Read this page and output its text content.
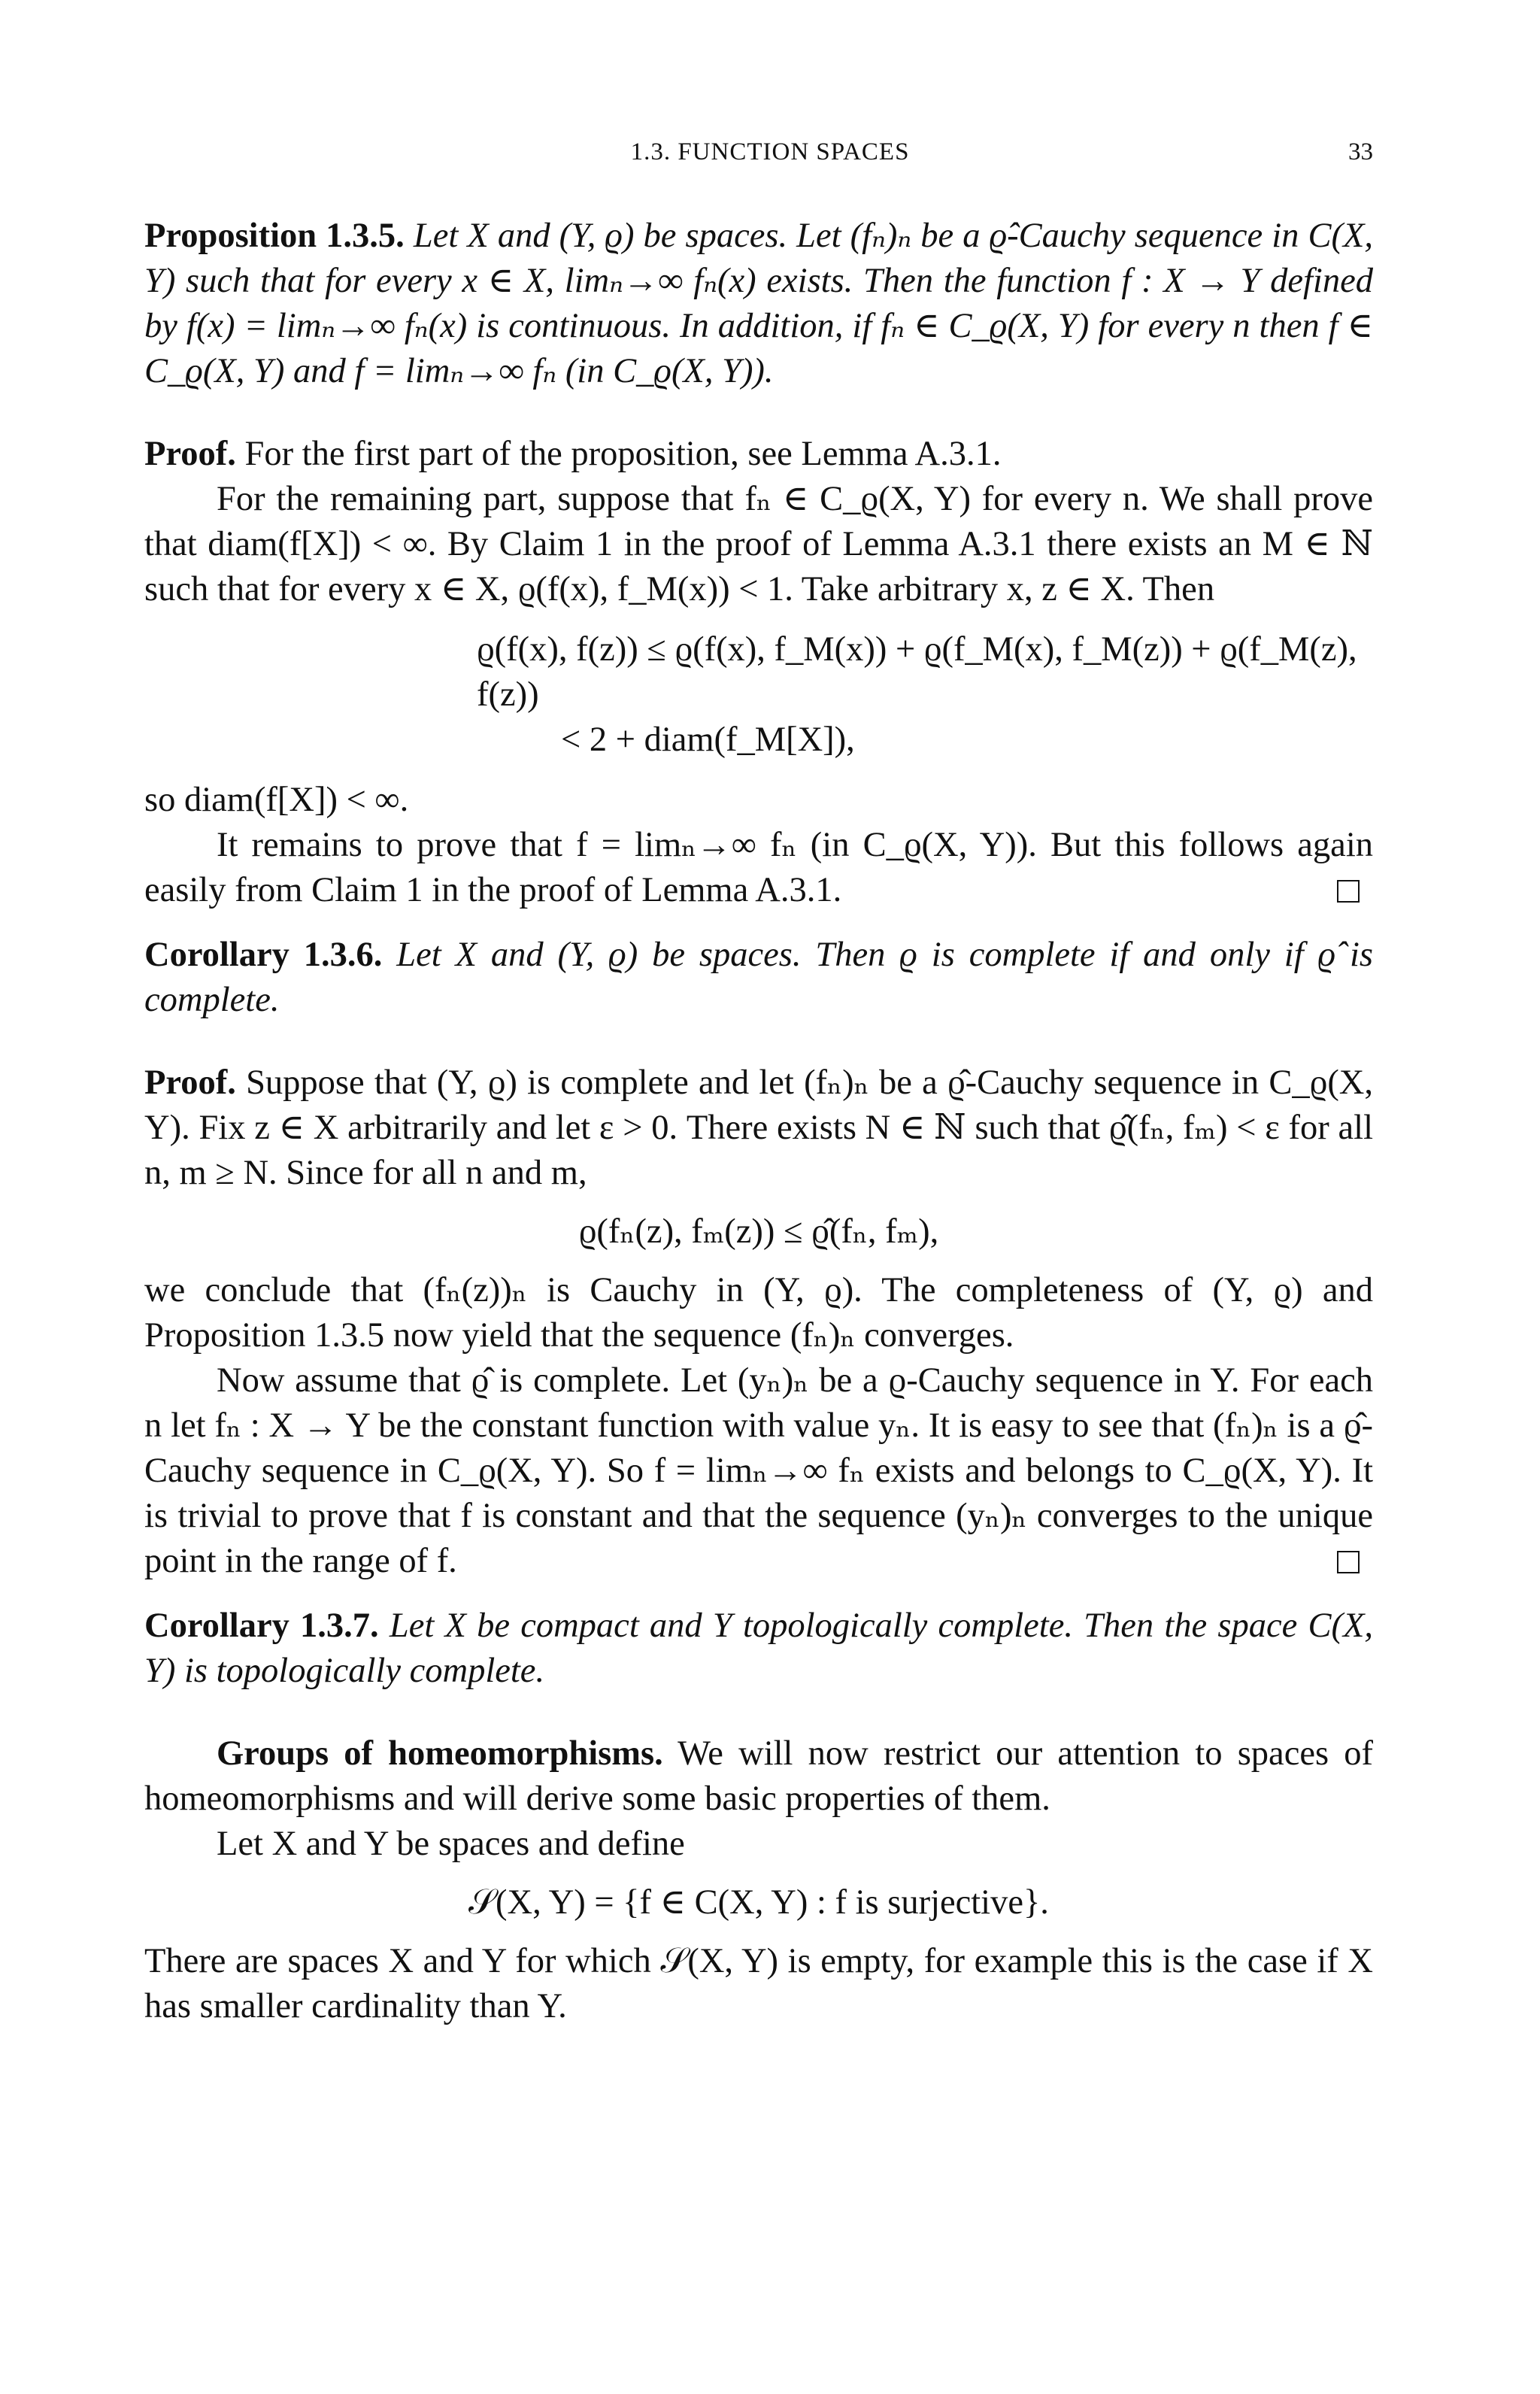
1.3. FUNCTION SPACES	33

Proposition 1.3.5. Let X and (Y, ϱ) be spaces. Let (fₙ)ₙ be a ϱ̂-Cauchy sequence in C(X, Y) such that for every x ∈ X, limₙ→∞ fₙ(x) exists. Then the function f : X → Y defined by f(x) = limₙ→∞ fₙ(x) is continuous. In addition, if fₙ ∈ C_ϱ(X, Y) for every n then f ∈ C_ϱ(X, Y) and f = limₙ→∞ fₙ (in C_ϱ(X, Y)).

Proof. For the first part of the proposition, see Lemma A.3.1.

For the remaining part, suppose that fₙ ∈ C_ϱ(X, Y) for every n. We shall prove that diam(f[X]) < ∞. By Claim 1 in the proof of Lemma A.3.1 there exists an M ∈ ℕ such that for every x ∈ X, ϱ(f(x), f_M(x)) < 1. Take arbitrary x, z ∈ X. Then

ϱ(f(x), f(z)) ≤ ϱ(f(x), f_M(x)) + ϱ(f_M(x), f_M(z)) + ϱ(f_M(z), f(z))
< 2 + diam(f_M[X]),

so diam(f[X]) < ∞.

It remains to prove that f = limₙ→∞ fₙ (in C_ϱ(X, Y)). But this follows again easily from Claim 1 in the proof of Lemma A.3.1.

Corollary 1.3.6. Let X and (Y, ϱ) be spaces. Then ϱ is complete if and only if ϱ̂ is complete.

Proof. Suppose that (Y, ϱ) is complete and let (fₙ)ₙ be a ϱ̂-Cauchy sequence in C_ϱ(X, Y). Fix z ∈ X arbitrarily and let ε > 0. There exists N ∈ ℕ such that ϱ̂(fₙ, fₘ) < ε for all n, m ≥ N. Since for all n and m,

ϱ(fₙ(z), fₘ(z)) ≤ ϱ̂(fₙ, fₘ),

we conclude that (fₙ(z))ₙ is Cauchy in (Y, ϱ). The completeness of (Y, ϱ) and Proposition 1.3.5 now yield that the sequence (fₙ)ₙ converges.

Now assume that ϱ̂ is complete. Let (yₙ)ₙ be a ϱ-Cauchy sequence in Y. For each n let fₙ : X → Y be the constant function with value yₙ. It is easy to see that (fₙ)ₙ is a ϱ̂-Cauchy sequence in C_ϱ(X, Y). So f = limₙ→∞ fₙ exists and belongs to C_ϱ(X, Y). It is trivial to prove that f is constant and that the sequence (yₙ)ₙ converges to the unique point in the range of f.

Corollary 1.3.7. Let X be compact and Y topologically complete. Then the space C(X, Y) is topologically complete.

Groups of homeomorphisms. We will now restrict our attention to spaces of homeomorphisms and will derive some basic properties of them.

Let X and Y be spaces and define

𝒮(X, Y) = {f ∈ C(X, Y) : f is surjective}.

There are spaces X and Y for which 𝒮(X, Y) is empty, for example this is the case if X has smaller cardinality than Y.
